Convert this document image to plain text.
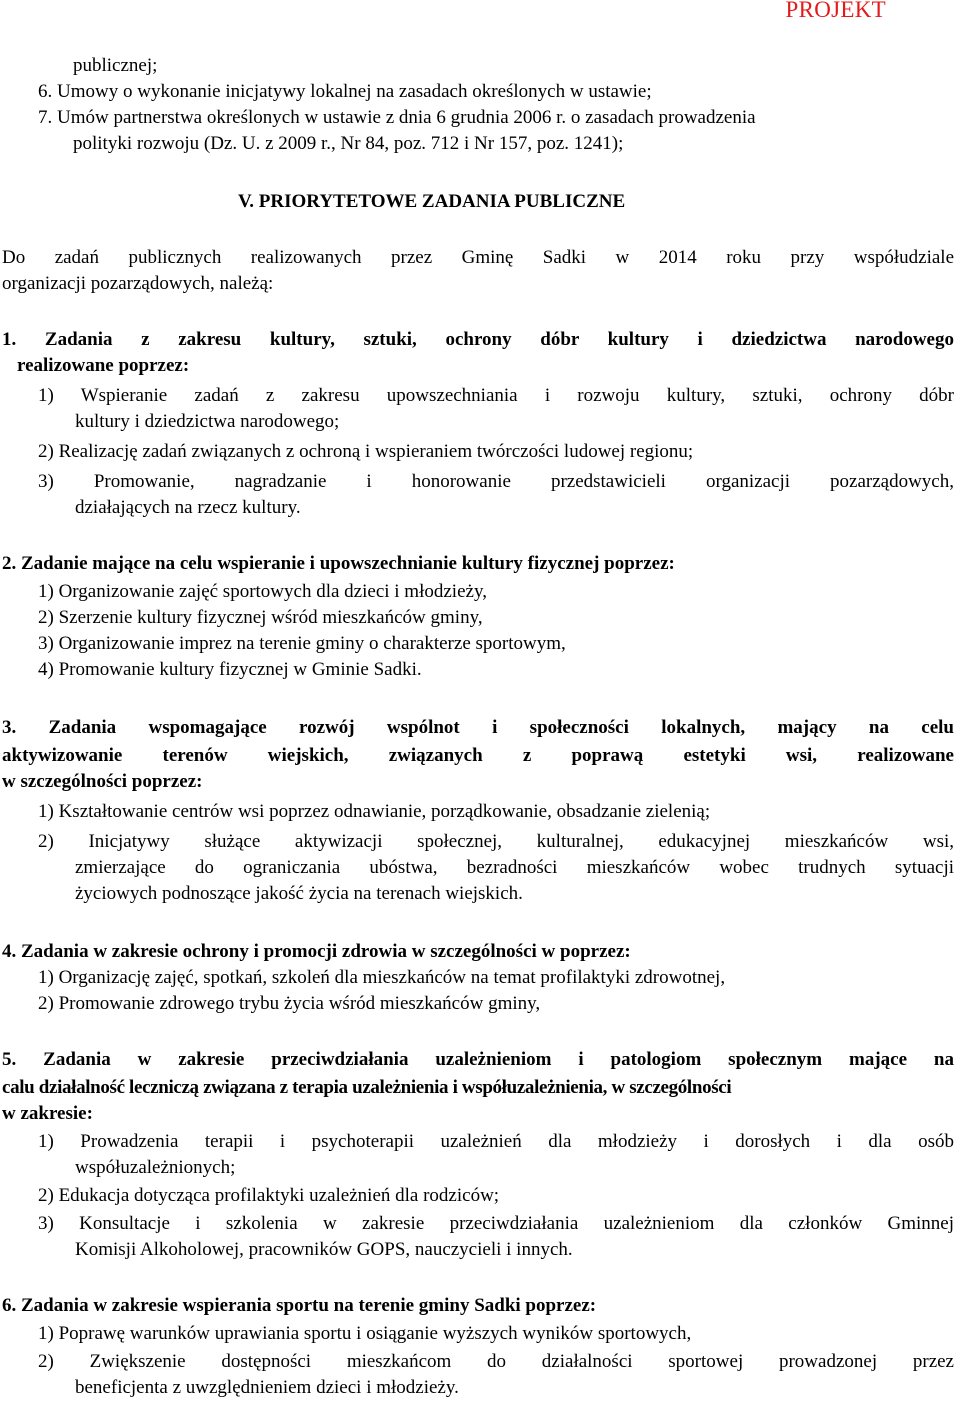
PROJEKT
publicznej;
6. Umowy o wykonanie inicjatywy lokalnej na zasadach określonych w ustawie;
7. Umów partnerstwa określonych w ustawie z dnia 6 grudnia 2006 r. o zasadach prowadzenia
polityki rozwoju (Dz. U. z 2009 r., Nr 84, poz. 712 i Nr 157, poz. 1241);
V. PRIORYTETOWE ZADANIA PUBLICZNE
Do zadań publicznych realizowanych przez Gminę Sadki w 2014 roku przy współudziale
organizacji pozarządowych, należą:
1. Zadania z zakresu kultury, sztuki, ochrony dóbr kultury i dziedzictwa narodowego
realizowane poprzez:
1) Wspieranie zadań z zakresu upowszechniania i rozwoju kultury, sztuki, ochrony dóbr
kultury i dziedzictwa narodowego;
2) Realizację zadań związanych z ochroną i wspieraniem twórczości ludowej regionu;
3) Promowanie, nagradzanie i honorowanie przedstawicieli organizacji pozarządowych,
działających na rzecz kultury.
2. Zadanie mające na celu wspieranie i upowszechnianie kultury fizycznej poprzez:
1) Organizowanie zajęć sportowych dla dzieci i młodzieży,
2) Szerzenie kultury fizycznej wśród mieszkańców gminy,
3) Organizowanie imprez na terenie gminy o charakterze sportowym,
4) Promowanie kultury fizycznej w Gminie Sadki.
3. Zadania wspomagające rozwój wspólnot i społeczności lokalnych, mający na celu
aktywizowanie terenów wiejskich, związanych z poprawą estetyki wsi, realizowane
w szczególności poprzez:
1) Kształtowanie centrów wsi poprzez odnawianie, porządkowanie, obsadzanie zielenią;
2) Inicjatywy służące aktywizacji społecznej, kulturalnej, edukacyjnej mieszkańców wsi,
zmierzające do ograniczania ubóstwa, bezradności mieszkańców wobec trudnych sytuacji
życiowych podnoszące jakość życia na terenach wiejskich.
4. Zadania w zakresie ochrony i promocji zdrowia w szczególności w poprzez:
1) Organizację zajęć, spotkań, szkoleń dla mieszkańców na temat profilaktyki zdrowotnej,
2) Promowanie zdrowego trybu życia wśród mieszkańców gminy,
5. Zadania w zakresie przeciwdziałania uzależnieniom i patologiom społecznym mające na
calu działalność leczniczą związana z terapia uzależnienia i współuzależnienia, w szczególności
w zakresie:
1) Prowadzenia terapii i psychoterapii uzależnień dla młodzieży i dorosłych i dla osób
współuzależnionych;
2) Edukacja dotycząca profilaktyki uzależnień dla rodziców;
3) Konsultacje i szkolenia w zakresie przeciwdziałania uzależnieniom dla członków Gminnej
Komisji Alkoholowej, pracowników GOPS, nauczycieli i innych.
6. Zadania w zakresie wspierania sportu na terenie gminy Sadki poprzez:
1) Poprawę warunków uprawiania sportu i osiąganie wyższych wyników sportowych,
2) Zwiększenie dostępności mieszkańcom do działalności sportowej prowadzonej przez
beneficjenta z uwzględnieniem dzieci i młodzieży.
